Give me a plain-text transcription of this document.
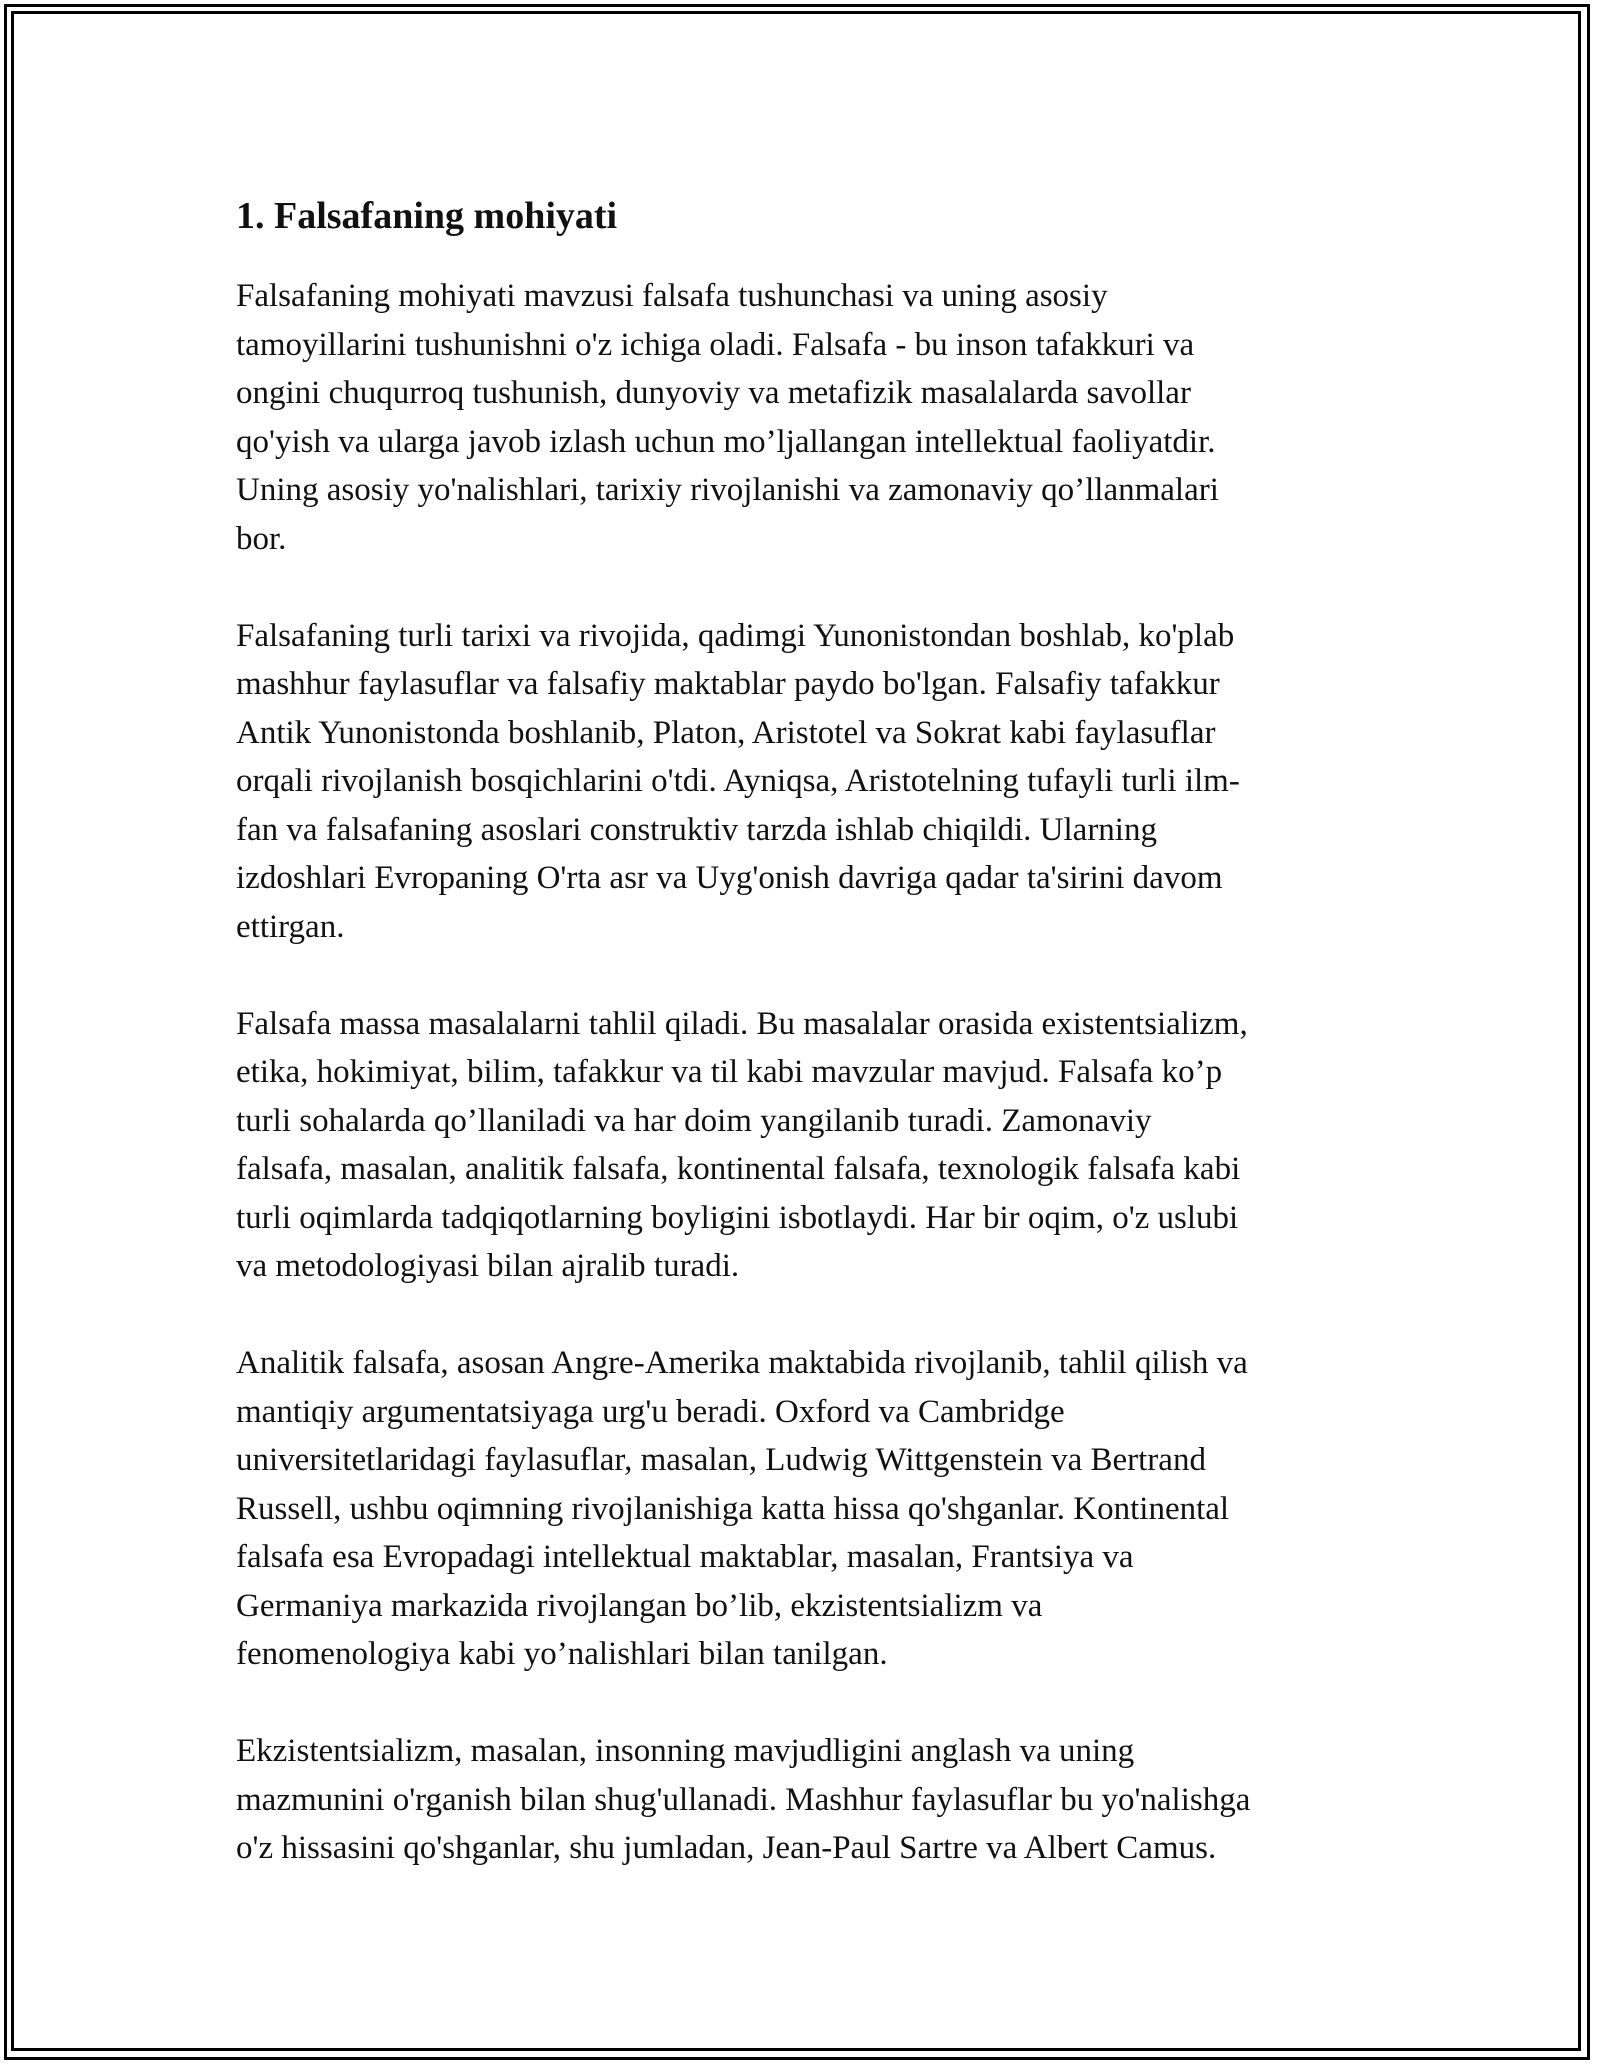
1. Falsafaning mohiyati

Falsafaning mohiyati mavzusi falsafa tushunchasi va uning asosiy
tamoyillarini tushunishni o'z ichiga oladi. Falsafa - bu inson tafakkuri va
ongini chuqurroq tushunish, dunyoviy va metafizik masalalarda savollar
qo'yish va ularga javob izlash uchun mo’ljallangan intellektual faoliyatdir.
Uning asosiy yo'nalishlari, tarixiy rivojlanishi va zamonaviy qo’llanmalari
bor.

Falsafaning turli tarixi va rivojida, qadimgi Yunonistondan boshlab, ko'plab
mashhur faylasuflar va falsafiy maktablar paydo bo'lgan. Falsafiy tafakkur
Antik Yunonistonda boshlanib, Platon, Aristotel va Sokrat kabi faylasuflar
orqali rivojlanish bosqichlarini o'tdi. Ayniqsa, Aristotelning tufayli turli ilm-
fan va falsafaning asoslari construktiv tarzda ishlab chiqildi. Ularning
izdoshlari Evropaning O'rta asr va Uyg'onish davriga qadar ta'sirini davom
ettirgan.

Falsafa massa masalalarni tahlil qiladi. Bu masalalar orasida existentsializm,
etika, hokimiyat, bilim, tafakkur va til kabi mavzular mavjud. Falsafa ko’p
turli sohalarda qo’llaniladi va har doim yangilanib turadi. Zamonaviy
falsafa, masalan, analitik falsafa, kontinental falsafa, texnologik falsafa kabi
turli oqimlarda tadqiqotlarning boyligini isbotlaydi. Har bir oqim, o'z uslubi
va metodologiyasi bilan ajralib turadi.

Analitik falsafa, asosan Angre-Amerika maktabida rivojlanib, tahlil qilish va
mantiqiy argumentatsiyaga urg'u beradi. Oxford va Cambridge
universitetlaridagi faylasuflar, masalan, Ludwig Wittgenstein va Bertrand
Russell, ushbu oqimning rivojlanishiga katta hissa qo'shganlar. Kontinental
falsafa esa Evropadagi intellektual maktablar, masalan, Frantsiya va
Germaniya markazida rivojlangan bo’lib, ekzistentsializm va
fenomenologiya kabi yo’nalishlari bilan tanilgan.

Ekzistentsializm, masalan, insonning mavjudligini anglash va uning
mazmunini o'rganish bilan shug'ullanadi. Mashhur faylasuflar bu yo'nalishga
o'z hissasini qo'shganlar, shu jumladan, Jean-Paul Sartre va Albert Camus.
